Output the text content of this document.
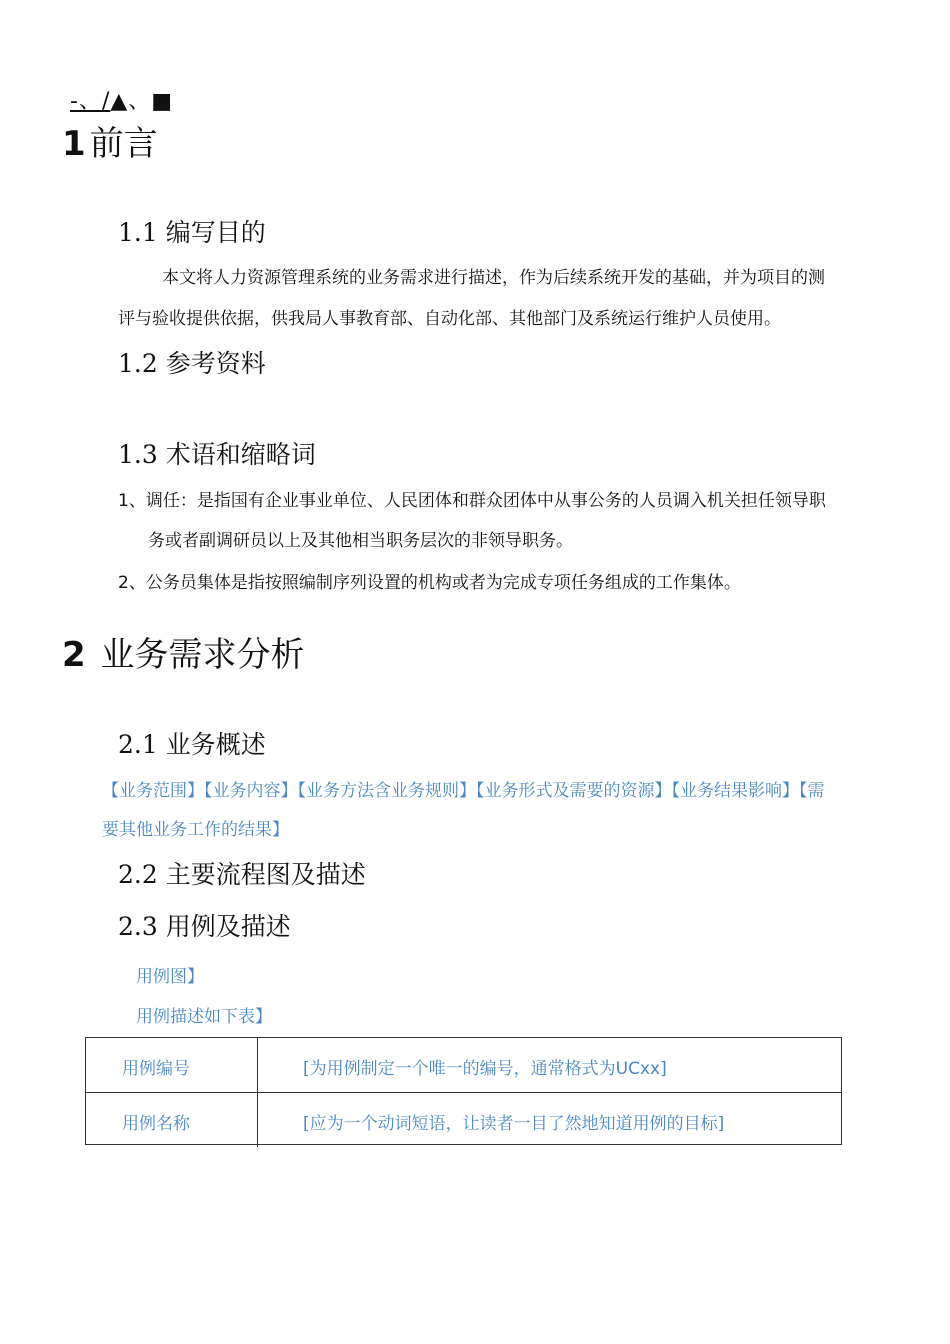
-、/▲、■
1 前言
1.1 编写目的
本文将人力资源管理系统的业务需求进行描述，作为后续系统开发的基础，并为项目的测
评与验收提供依据，供我局人事教育部、自动化部、其他部门及系统运行维护人员使用。
1.2 参考资料
1.3 术语和缩略词
1、调任：是指国有企业事业单位、人民团体和群众团体中从事公务的人员调入机关担任领导职
务或者副调研员以上及其他相当职务层次的非领导职务。
2、公务员集体是指按照编制序列设置的机构或者为完成专项任务组成的工作集体。
2 业务需求分析
2.1 业务概述
【业务范围】【业务内容】【业务方法含业务规则】【业务形式及需要的资源】【业务结果影响】【需
要其他业务工作的结果】
2.2 主要流程图及描述
2.3 用例及描述
用例图】
用例描述如下表】
用例编号	[为用例制定一个唯一的编号，通常格式为UCxx]
用例名称	[应为一个动词短语，让读者一目了然地知道用例的目标]
